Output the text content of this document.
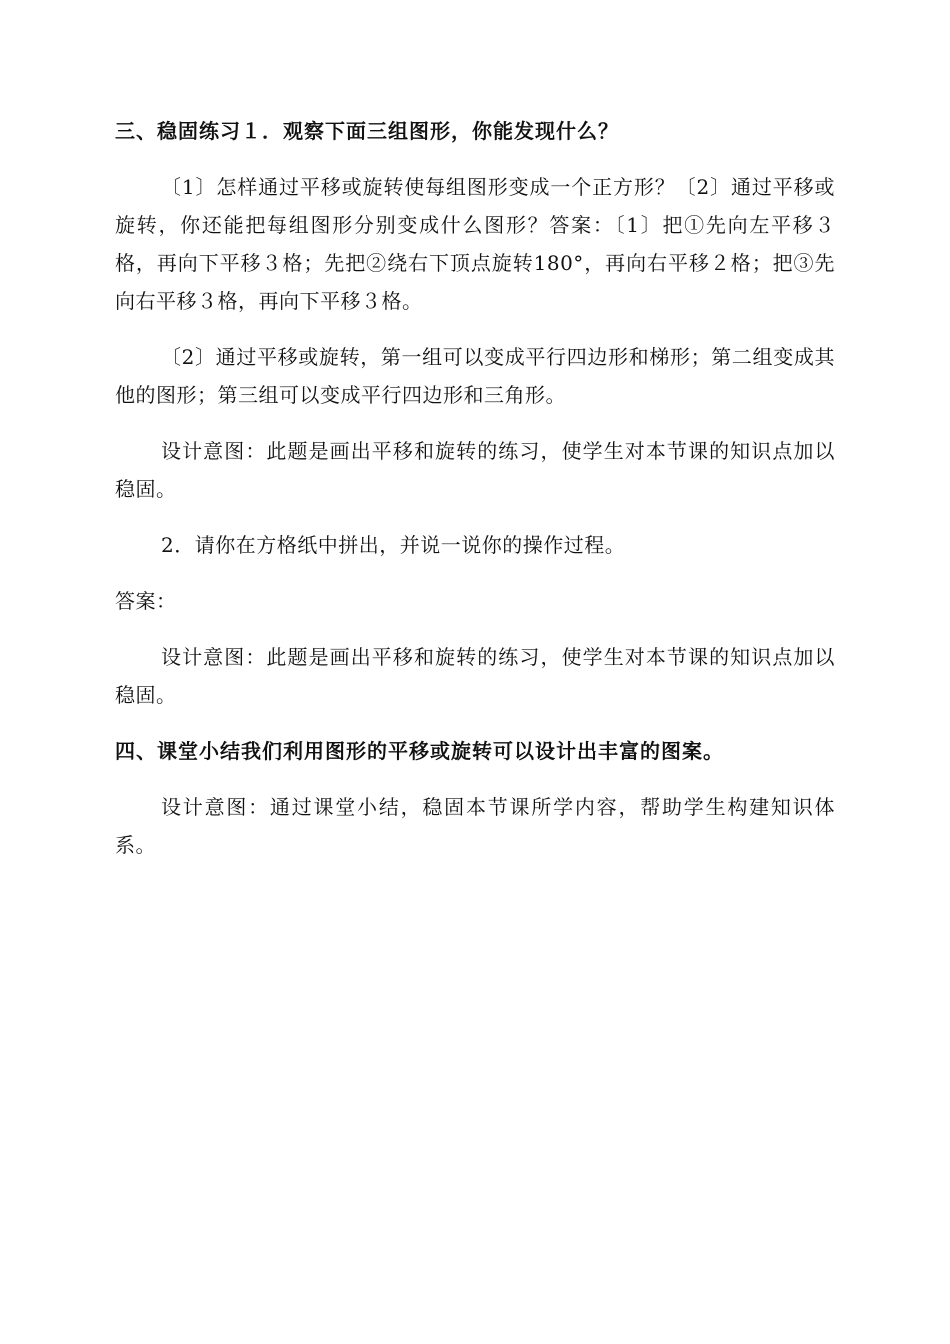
三、稳固练习１．观察下面三组图形，你能发现什么？
〔1〕怎样通过平移或旋转使每组图形变成一个正方形？〔2〕通过平移或旋转，你还能把每组图形分别变成什么图形？答案：〔1〕把①先向左平移３格，再向下平移３格；先把②绕右下顶点旋转180°，再向右平移２格；把③先向右平移３格，再向下平移３格。
〔2〕通过平移或旋转，第一组可以变成平行四边形和梯形；第二组变成其他的图形；第三组可以变成平行四边形和三角形。
设计意图：此题是画出平移和旋转的练习，使学生对本节课的知识点加以稳固。
2．请你在方格纸中拼出，并说一说你的操作过程。
答案：
设计意图：此题是画出平移和旋转的练习，使学生对本节课的知识点加以稳固。
四、课堂小结我们利用图形的平移或旋转可以设计出丰富的图案。
设计意图：通过课堂小结，稳固本节课所学内容，帮助学生构建知识体系。
